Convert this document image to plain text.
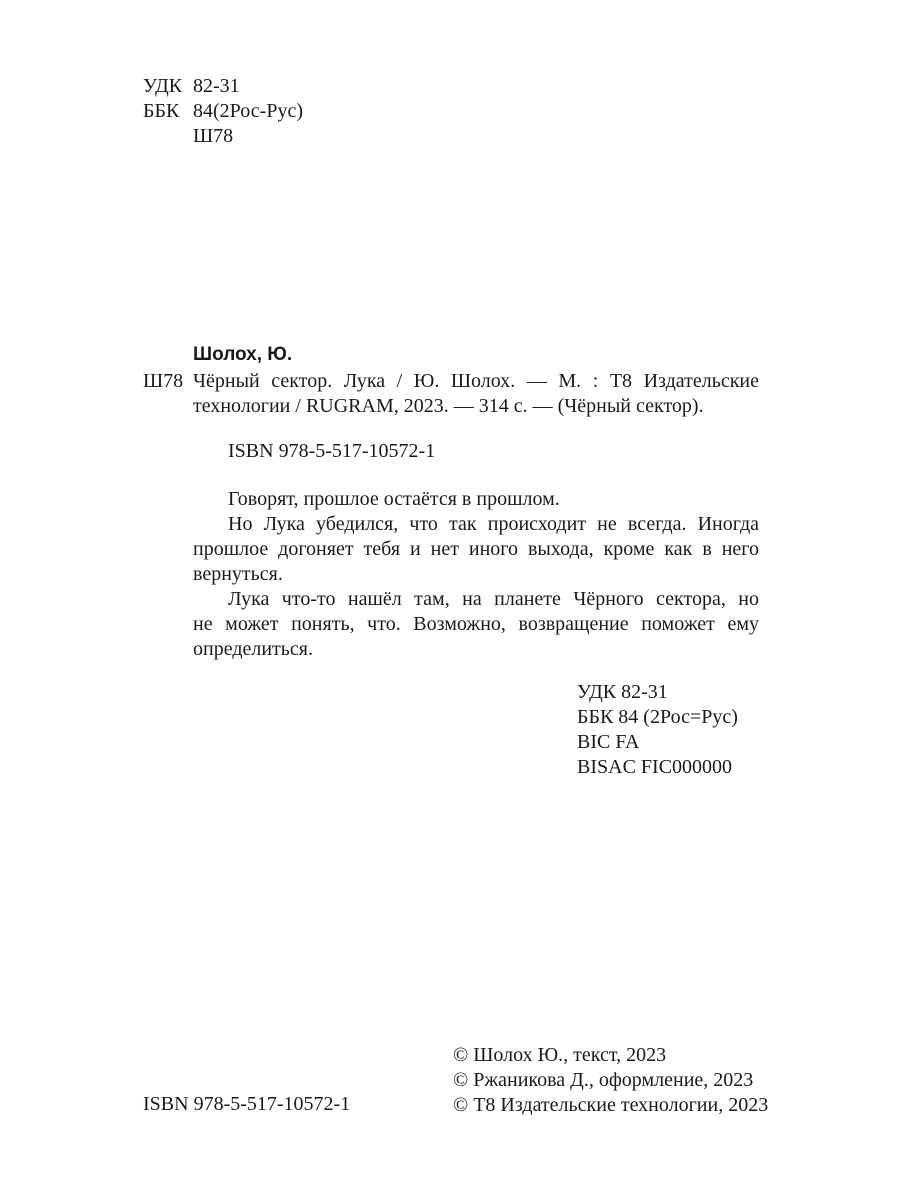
УДК 82-31
ББК 84(2Рос-Рус)
Ш78
Шолох, Ю.
Ш78 Чёрный сектор. Лука / Ю. Шолох. — М. : Т8 Издательские
технологии / RUGRAM, 2023. — 314 с. — (Чёрный сектор).
ISBN 978-5-517-10572-1
Говорят, прошлое остаётся в прошлом.
Но Лука убедился, что так происходит не всегда. Иногда
прошлое догоняет тебя и нет иного выхода, кроме как в него
вернуться.
Лука что-то нашёл там, на планете Чёрного сектора, но
не может понять, что. Возможно, возвращение поможет ему
определиться.
УДК 82-31
ББК 84 (2Рос=Рус)
BIC FA
BISAC FIC000000
© Шолох Ю., текст, 2023
© Ржаникова Д., оформление, 2023
© Т8 Издательские технологии, 2023
ISBN 978-5-517-10572-1
